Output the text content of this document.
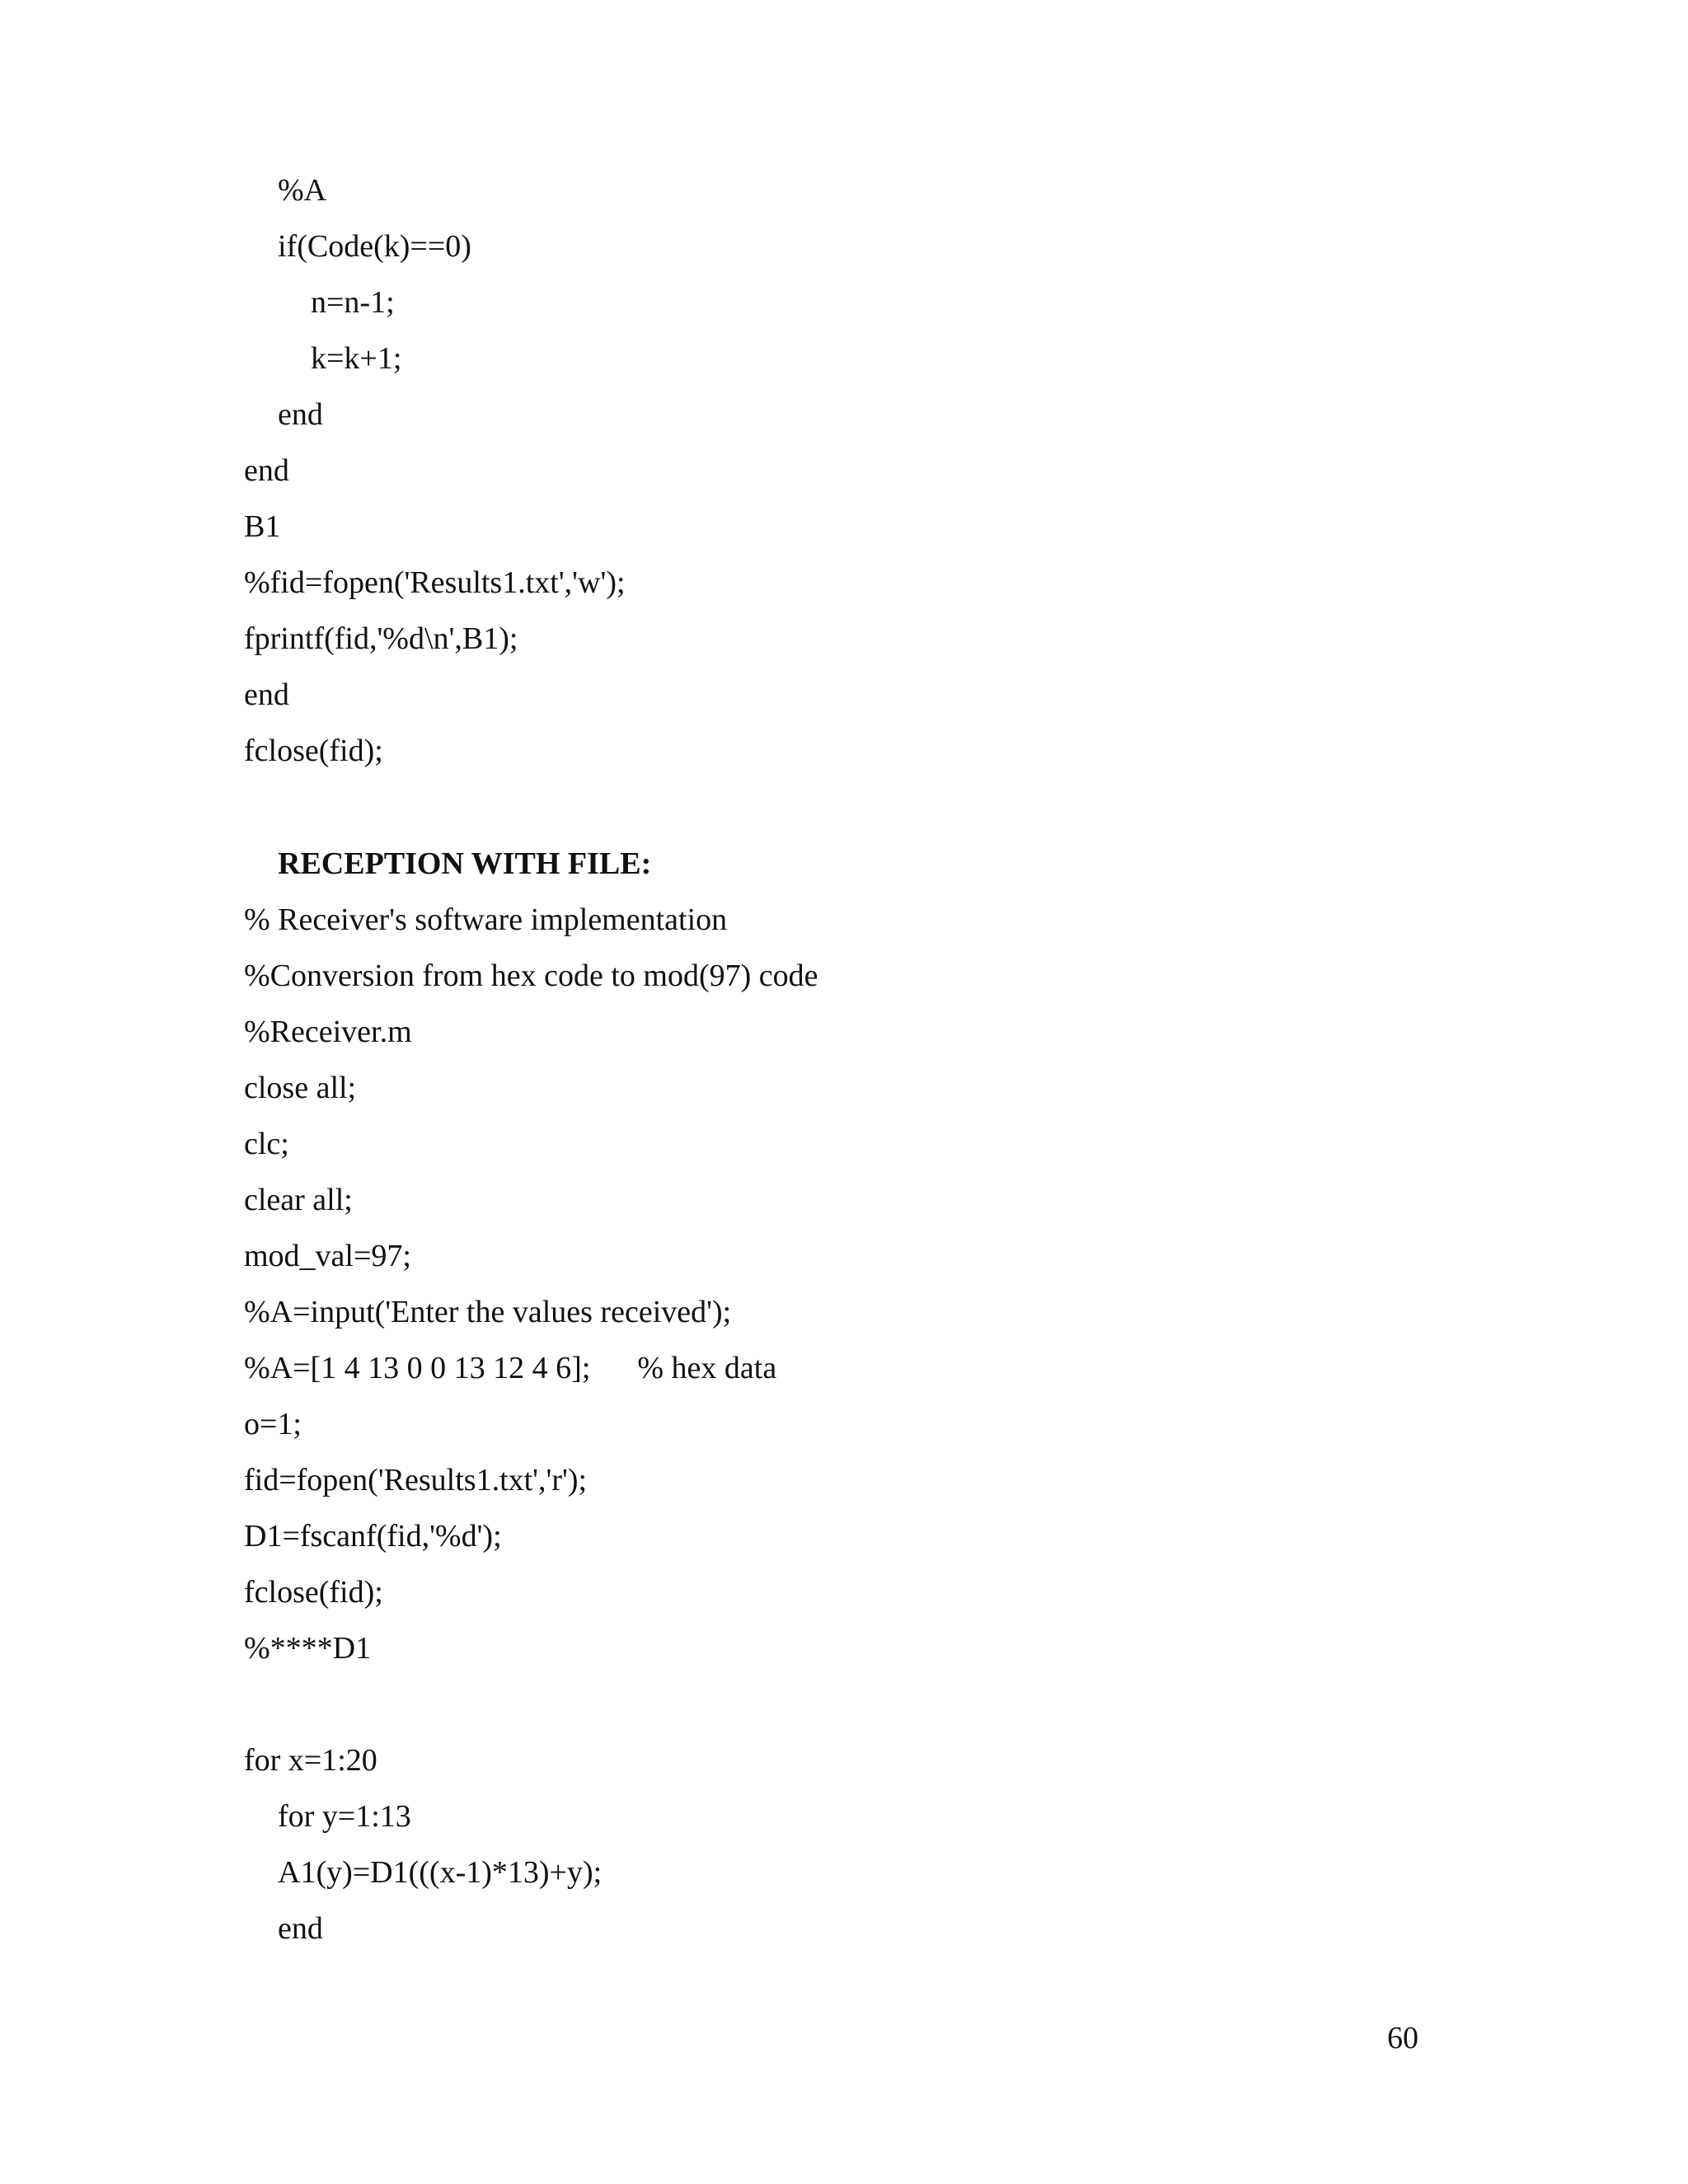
%A
if(Code(k)==0)
n=n-1;
k=k+1;
end
end
B1
%fid=fopen('Results1.txt','w');
fprintf(fid,'%d\n',B1);
end
fclose(fid);
RECEPTION WITH FILE:
% Receiver's software implementation
%Conversion from hex code to mod(97) code
%Receiver.m
close all;
clc;
clear all;
mod_val=97;
%A=input('Enter the values received');
%A=[1 4 13 0 0 13 12 4 6];      % hex data
o=1;
fid=fopen('Results1.txt','r');
D1=fscanf(fid,'%d');
fclose(fid);
%****D1
for x=1:20
for y=1:13
A1(y)=D1(((x-1)*13)+y);
end
60
